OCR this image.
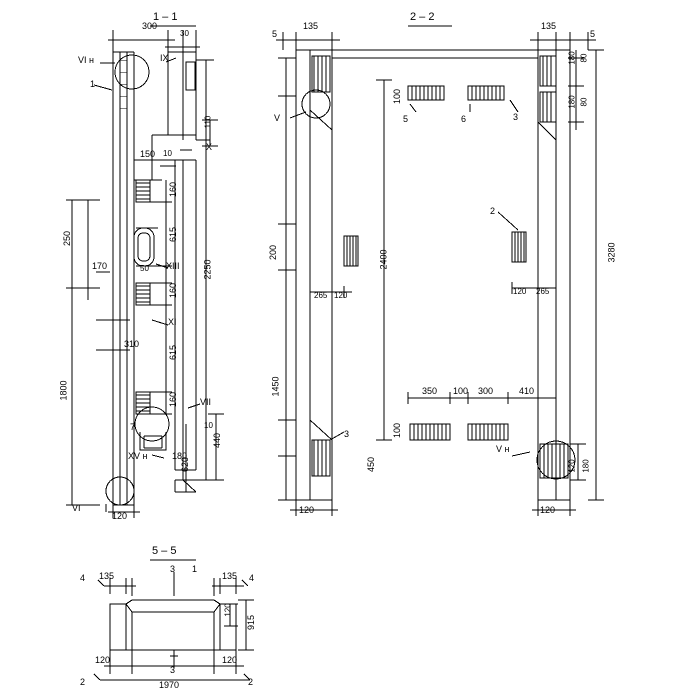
1 – 1
300
30
VI н	IX
1
X
110
150 10
160
615
50 XIII
160
XI
615
160 VII
10
7
XV н	180
620
440
2250
250
170
310
1800
VI
120
2 – 2
5
135	135
5
100
5	6	3
V
200	2400
2
265 120	120 265
1450	350 100 300	410
100
450
3
V н
180 80
180 80
3280
120 180
120	120
5 – 5
4 135
3 1
135 4
120
915
120	120
3
1970
2	2
